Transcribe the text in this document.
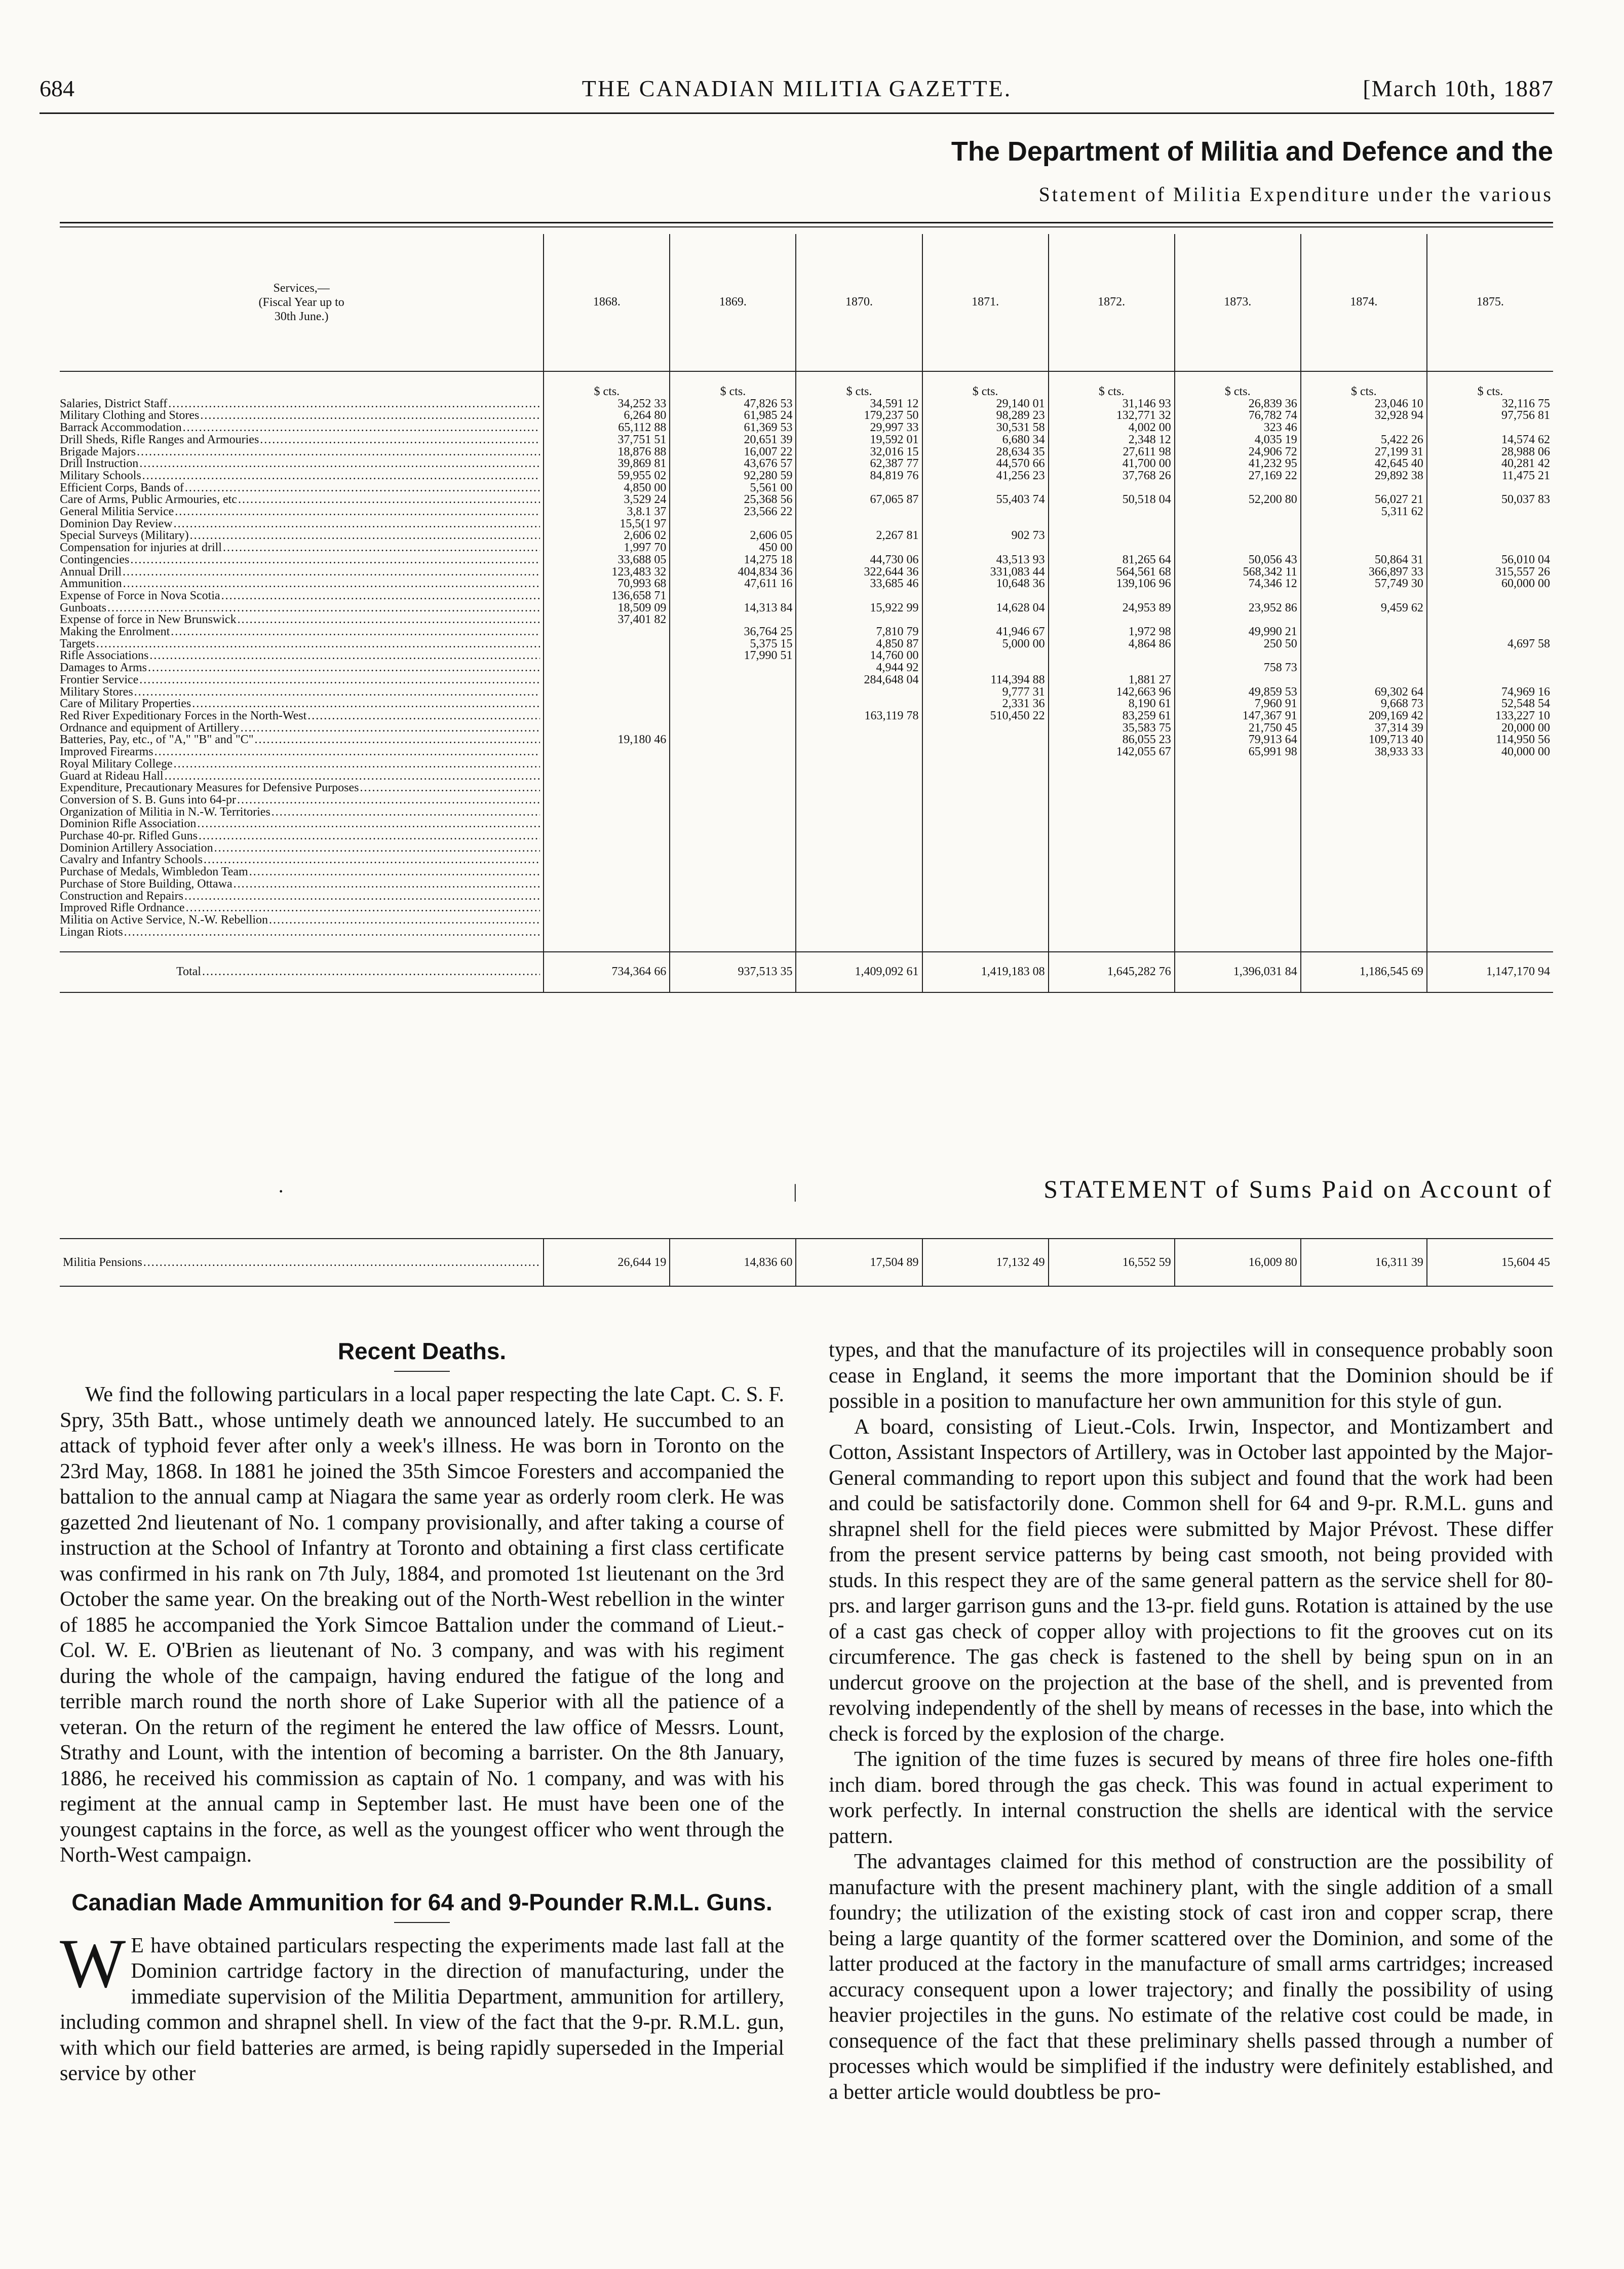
684	THE CANADIAN MILITIA GAZETTE.	[March 10th, 1887
The Department of Militia and Defence and the
Statement of Militia Expenditure under the various
Services,—
(Fiscal Year up to
30th June.)	1868.	1869.	1870.	1871.	1872.	1873.	1874.	1875.
	$ cts.	$ cts.	$ cts.	$ cts.	$ cts.	$ cts.	$ cts.	$ cts.

Salaries, District Staff
.....	34,252 33	47,826 53	34,591 12	29,140 01	31,146 93	26,839 36	23,046 10	32,116 75

Military Clothing and Stores
.....	6,264 80	61,985 24	179,237 50	98,289 23	132,771 32	76,782 74	32,928 94	97,756 81

Barrack Accommodation
.....	65,112 88	61,369 53	29,997 33	30,531 58	4,002 00	323 46		

Drill Sheds, Rifle Ranges and Armouries
.....	37,751 51	20,651 39	19,592 01	6,680 34	2,348 12	4,035 19	5,422 26	14,574 62

Brigade Majors
.....	18,876 88	16,007 22	32,016 15	28,634 35	27,611 98	24,906 72	27,199 31	28,988 06

Drill Instruction
.....	39,869 81	43,676 57	62,387 77	44,570 66	41,700 00	41,232 95	42,645 40	40,281 42

Military Schools
.....	59,955 02	92,280 59	84,819 76	41,256 23	37,768 26	27,169 22	29,892 38	11,475 21

Efficient Corps, Bands of
.....	4,850 00	5,561 00						

Care of Arms, Public Armouries, etc
.....	3,529 24	25,368 56	67,065 87	55,403 74	50,518 04	52,200 80	56,027 21	50,037 83

General Militia Service
.....	3,8.1 37	23,566 22					5,311 62	

Dominion Day Review
.....	15,5(1 97							

Special Surveys (Military)
.....	2,606 02	2,606 05	2,267 81	902 73				

Compensation for injuries at drill
.....	1,997 70	450 00						

Contingencies
.....	33,688 05	14,275 18	44,730 06	43,513 93	81,265 64	50,056 43	50,864 31	56,010 04

Annual Drill
.....	123,483 32	404,834 36	322,644 36	331,083 44	564,561 68	568,342 11	366,897 33	315,557 26

Ammunition
.....	70,993 68	47,611 16	33,685 46	10,648 36	139,106 96	74,346 12	57,749 30	60,000 00

Expense of Force in Nova Scotia
.....	136,658 71							

Gunboats
.....	18,509 09	14,313 84	15,922 99	14,628 04	24,953 89	23,952 86	9,459 62	

Expense of force in New Brunswick
.....	37,401 82							

Making the Enrolment
.....		36,764 25	7,810 79	41,946 67	1,972 98	49,990 21		

Targets
.....		5,375 15	4,850 87	5,000 00	4,864 86	250 50		4,697 58

Rifle Associations
.....		17,990 51	14,760 00					

Damages to Arms
.....			4,944 92			758 73		

Frontier Service
.....			284,648 04	114,394 88	1,881 27			

Military Stores
.....				9,777 31	142,663 96	49,859 53	69,302 64	74,969 16

Care of Military Properties
.....				2,331 36	8,190 61	7,960 91	9,668 73	52,548 54

Red River Expeditionary Forces in the North-West
.....			163,119 78	510,450 22	83,259 61	147,367 91	209,169 42	133,227 10

Ordnance and equipment of Artillery
.....					35,583 75	21,750 45	37,314 39	20,000 00

Batteries, Pay, etc., of "A," "B" and "C"
.....	19,180 46				86,055 23	79,913 64	109,713 40	114,950 56

Improved Firearms
.....					142,055 67	65,991 98	38,933 33	40,000 00

Royal Military College
.....

Guard at Rideau Hall
.....

Expenditure, Precautionary Measures for Defensive Purposes
.....

Conversion of S. B. Guns into 64-pr
.....

Organization of Militia in N.-W. Territories
.....

Dominion Rifle Association
.....

Purchase 40-pr. Rifled Guns
.....

Dominion Artillery Association
.....

Cavalry and Infantry Schools
.....

Purchase of Medals, Wimbledon Team
.....

Purchase of Store Building, Ottawa
.....

Construction and Repairs
.....

Improved Rifle Ordnance
.....

Militia on Active Service, N.-W. Rebellion
.....

Lingan Riots
.....

Total
.....	734,364 66	937,513 35	1,409,092 61	1,419,183 08	1,645,282 76	1,396,031 84	1,186,545 69	1,147,170 94
|
·	STATEMENT of Sums Paid on Account of
Militia Pensions
.....	26,644 19	14,836 60	17,504 89	17,132 49	16,552 59	16,009 80	16,311 39	15,604 45
Recent Deaths.

We find the following particulars in a local paper respecting the late Capt. C. S. F. Spry, 35th Batt., whose untimely death we announced lately. He succumbed to an attack of typhoid fever after only a week's illness. He was born in Toronto on the 23rd May, 1868. In 1881 he joined the 35th Simcoe Foresters and accompanied the battalion to the annual camp at Niagara the same year as orderly room clerk. He was gazetted 2nd lieutenant of No. 1 company provisionally, and after taking a course of instruction at the School of Infantry at Toronto and obtaining a first class certificate was confirmed in his rank on 7th July, 1884, and promoted 1st lieutenant on the 3rd October the same year. On the breaking out of the North-West rebellion in the winter of 1885 he accompanied the York Simcoe Battalion under the command of Lieut.-Col. W. E. O'Brien as lieutenant of No. 3 company, and was with his regiment during the whole of the campaign, having endured the fatigue of the long and terrible march round the north shore of Lake Superior with all the patience of a veteran. On the return of the regiment he entered the law office of Messrs. Lount, Strathy and Lount, with the intention of becoming a barrister. On the 8th January, 1886, he received his commission as captain of No. 1 company, and was with his regiment at the annual camp in September last. He must have been one of the youngest captains in the force, as well as the youngest officer who went through the North-West campaign.

Canadian Made Ammunition for 64 and 9-Pounder R.M.L. Guns.

W E have obtained particulars respecting the experiments made last fall at the Dominion cartridge factory in the direction of manufacturing, under the immediate supervision of the Militia Department, ammunition for artillery, including common and shrapnel shell. In view of the fact that the 9-pr. R.M.L. gun, with which our field batteries are armed, is being rapidly superseded in the Imperial service by other

types, and that the manufacture of its projectiles will in consequence probably soon cease in England, it seems the more important that the Dominion should be if possible in a position to manufacture her own ammunition for this style of gun.

A board, consisting of Lieut.-Cols. Irwin, Inspector, and Montizambert and Cotton, Assistant Inspectors of Artillery, was in October last appointed by the Major-General commanding to report upon this subject and found that the work had been and could be satisfactorily done. Common shell for 64 and 9-pr. R.M.L. guns and shrapnel shell for the field pieces were submitted by Major Prévost. These differ from the present service patterns by being cast smooth, not being provided with studs. In this respect they are of the same general pattern as the service shell for 80-prs. and larger garrison guns and the 13-pr. field guns. Rotation is attained by the use of a cast gas check of copper alloy with projections to fit the grooves cut on its circumference. The gas check is fastened to the shell by being spun on in an undercut groove on the projection at the base of the shell, and is prevented from revolving independently of the shell by means of recesses in the base, into which the check is forced by the explosion of the charge.

The ignition of the time fuzes is secured by means of three fire holes one-fifth inch diam. bored through the gas check. This was found in actual experiment to work perfectly. In internal construction the shells are identical with the service pattern.

The advantages claimed for this method of construction are the possibility of manufacture with the present machinery plant, with the single addition of a small foundry; the utilization of the existing stock of cast iron and copper scrap, there being a large quantity of the former scattered over the Dominion, and some of the latter produced at the factory in the manufacture of small arms cartridges; increased accuracy consequent upon a lower trajectory; and finally the possibility of using heavier projectiles in the guns. No estimate of the relative cost could be made, in consequence of the fact that these preliminary shells passed through a number of processes which would be simplified if the industry were definitely established, and a better article would doubtless be pro-
